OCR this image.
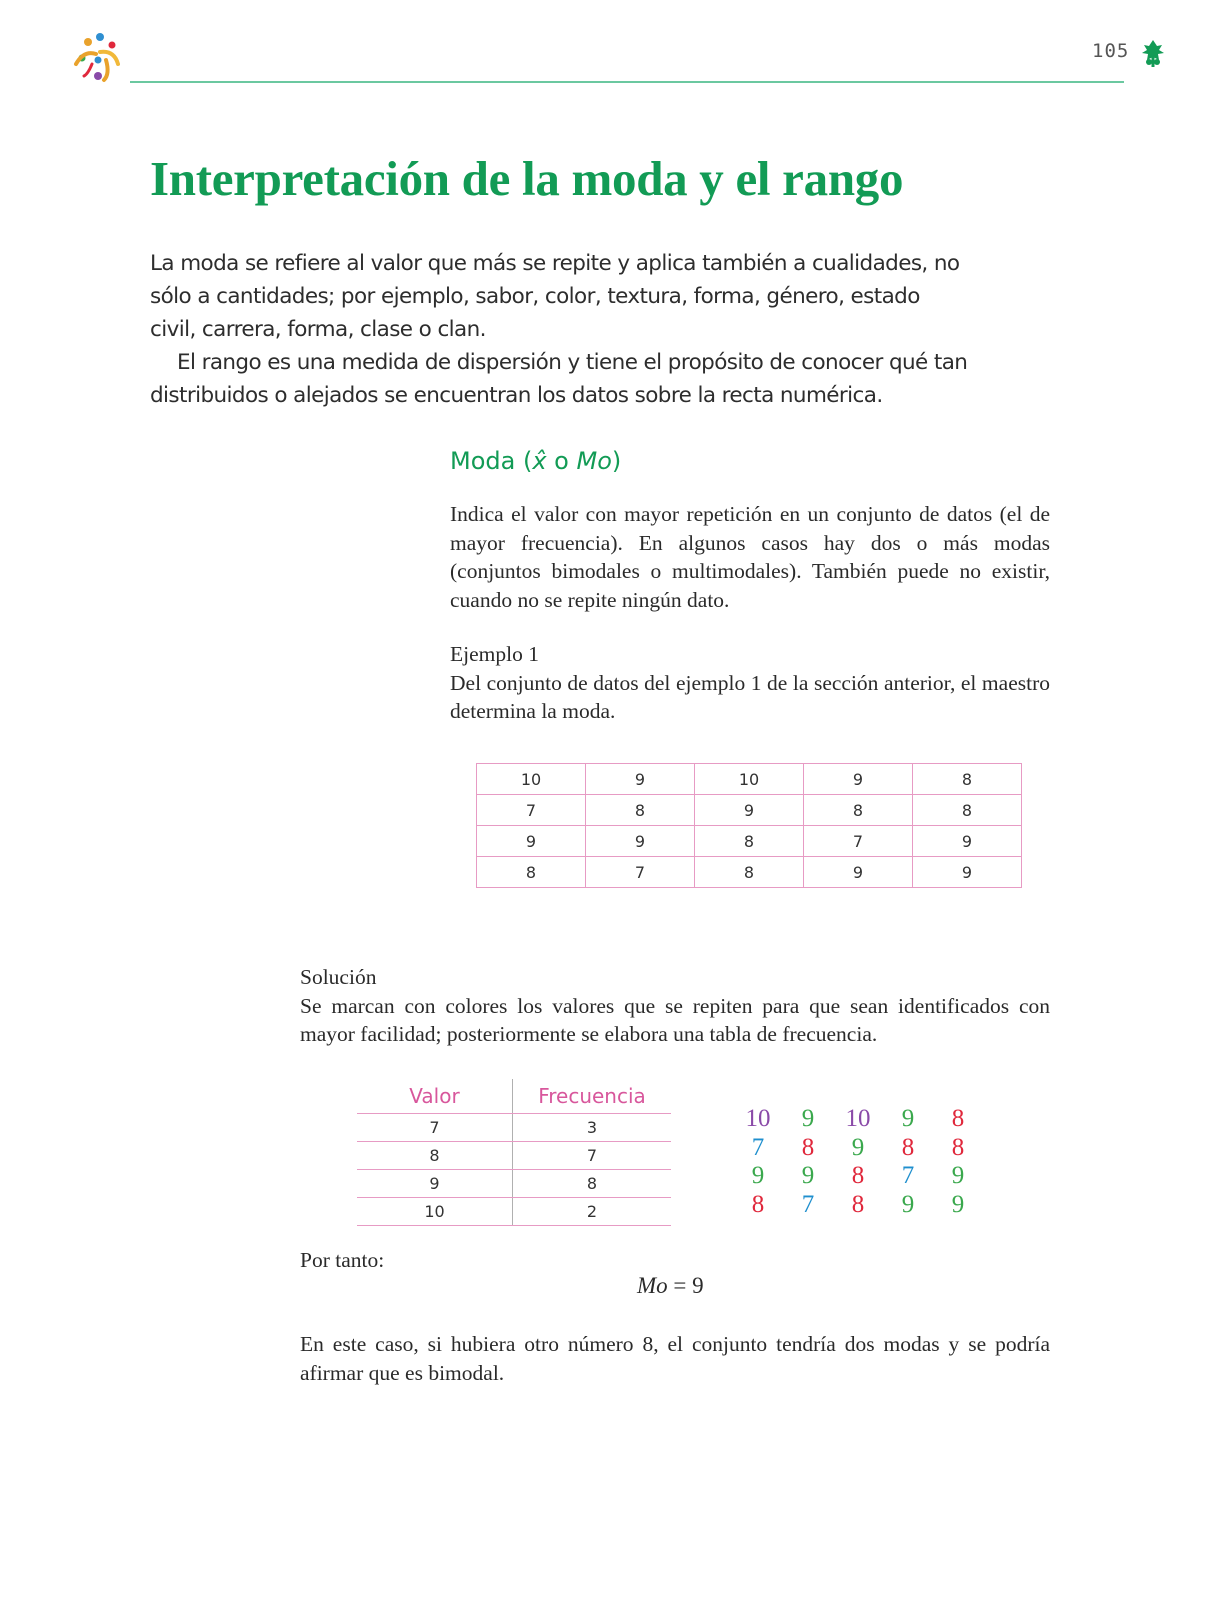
105
Interpretación de la moda y el rango

La moda se refiere al valor que más se repite y aplica también a cualidades, no sólo a cantidades; por ejemplo, sabor, color, textura, forma, género, estado civil, carrera, forma, clase o clan.

El rango es una medida de dispersión y tiene el propósito de conocer qué tan distribuidos o alejados se encuentran los datos sobre la recta numérica.

Moda (x̂ o Mo)

Indica el valor con mayor repetición en un conjunto de datos (el de mayor frecuencia). En algunos casos hay dos o más modas (conjuntos bimodales o multimodales). También puede no existir, cuando no se repite ningún dato.

Ejemplo 1

Del conjunto de datos del ejemplo 1 de la sección anterior, el maestro determina la moda.

10	9	10	9	8
7	8	9	8	8
9	9	8	7	9
8	7	8	9	9

Solución

Se marcan con colores los valores que se repiten para que sean identificados con mayor facilidad; posteriormente se elabora una tabla de frecuencia.

Valor	Frecuencia
7	3
8	7
9	8
10	2
10	9	10	9	8
7	8	9	8	8
9	9	8	7	9
8	7	8	9	9
Por tanto:
Mo = 9

En este caso, si hubiera otro número 8, el conjunto tendría dos modas y se podría afirmar que es bimodal.
